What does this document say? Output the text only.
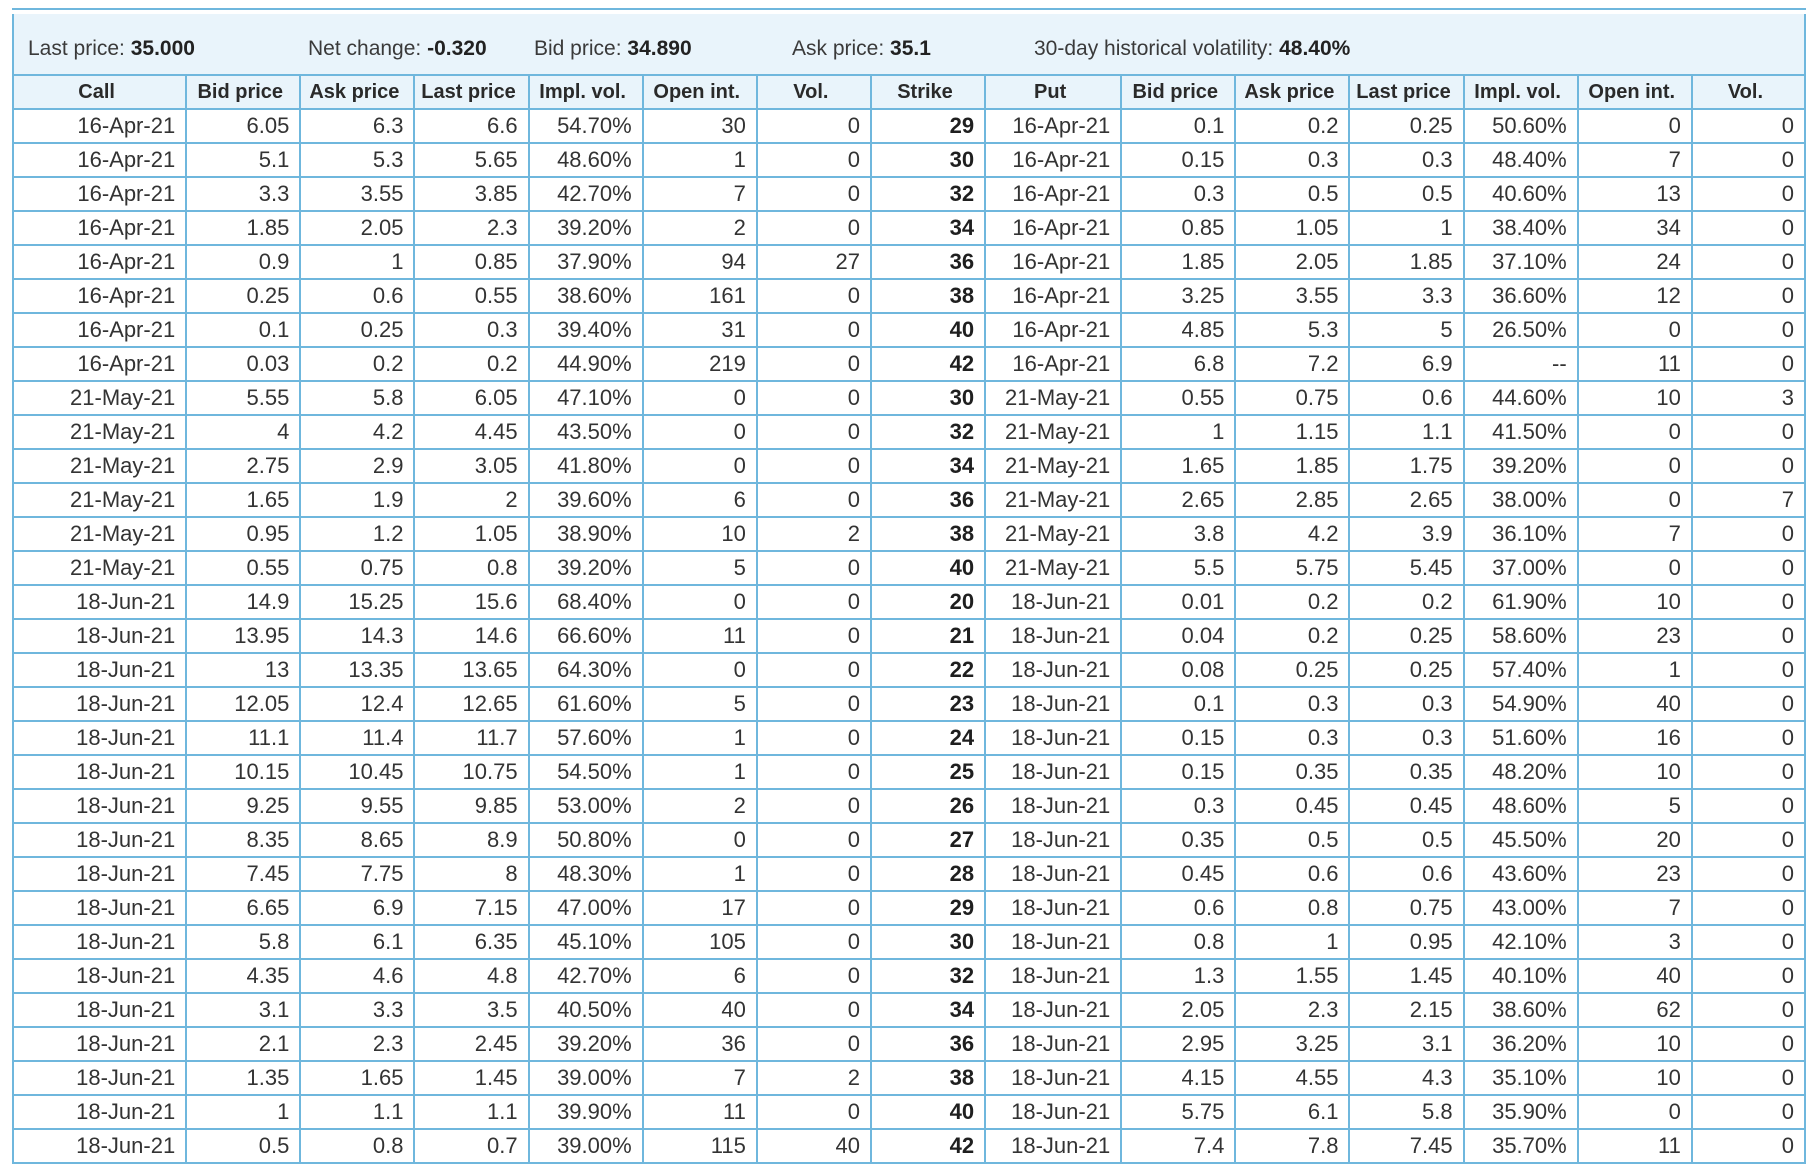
Last price: 35.000	Net change: -0.320 Bid price: 34.890	Ask price: 35.1	30-day historical volatility: 48.40%
Call	Bid price	Ask price	Last price	Impl. vol.	Open int.	Vol.	Strike	Put	Bid price	Ask price	Last price	Impl. vol.	Open int.	Vol.
16-Apr-21	6.05	6.3	6.6	54.70%	30	0	29	16-Apr-21	0.1	0.2	0.25	50.60%	0	0
16-Apr-21	5.1	5.3	5.65	48.60%	1	0	30	16-Apr-21	0.15	0.3	0.3	48.40%	7	0
16-Apr-21	3.3	3.55	3.85	42.70%	7	0	32	16-Apr-21	0.3	0.5	0.5	40.60%	13	0
16-Apr-21	1.85	2.05	2.3	39.20%	2	0	34	16-Apr-21	0.85	1.05	1	38.40%	34	0
16-Apr-21	0.9	1	0.85	37.90%	94	27	36	16-Apr-21	1.85	2.05	1.85	37.10%	24	0
16-Apr-21	0.25	0.6	0.55	38.60%	161	0	38	16-Apr-21	3.25	3.55	3.3	36.60%	12	0
16-Apr-21	0.1	0.25	0.3	39.40%	31	0	40	16-Apr-21	4.85	5.3	5	26.50%	0	0
16-Apr-21	0.03	0.2	0.2	44.90%	219	0	42	16-Apr-21	6.8	7.2	6.9	--	11	0
21-May-21	5.55	5.8	6.05	47.10%	0	0	30	21-May-21	0.55	0.75	0.6	44.60%	10	3
21-May-21	4	4.2	4.45	43.50%	0	0	32	21-May-21	1	1.15	1.1	41.50%	0	0
21-May-21	2.75	2.9	3.05	41.80%	0	0	34	21-May-21	1.65	1.85	1.75	39.20%	0	0
21-May-21	1.65	1.9	2	39.60%	6	0	36	21-May-21	2.65	2.85	2.65	38.00%	0	7
21-May-21	0.95	1.2	1.05	38.90%	10	2	38	21-May-21	3.8	4.2	3.9	36.10%	7	0
21-May-21	0.55	0.75	0.8	39.20%	5	0	40	21-May-21	5.5	5.75	5.45	37.00%	0	0
18-Jun-21	14.9	15.25	15.6	68.40%	0	0	20	18-Jun-21	0.01	0.2	0.2	61.90%	10	0
18-Jun-21	13.95	14.3	14.6	66.60%	11	0	21	18-Jun-21	0.04	0.2	0.25	58.60%	23	0
18-Jun-21	13	13.35	13.65	64.30%	0	0	22	18-Jun-21	0.08	0.25	0.25	57.40%	1	0
18-Jun-21	12.05	12.4	12.65	61.60%	5	0	23	18-Jun-21	0.1	0.3	0.3	54.90%	40	0
18-Jun-21	11.1	11.4	11.7	57.60%	1	0	24	18-Jun-21	0.15	0.3	0.3	51.60%	16	0
18-Jun-21	10.15	10.45	10.75	54.50%	1	0	25	18-Jun-21	0.15	0.35	0.35	48.20%	10	0
18-Jun-21	9.25	9.55	9.85	53.00%	2	0	26	18-Jun-21	0.3	0.45	0.45	48.60%	5	0
18-Jun-21	8.35	8.65	8.9	50.80%	0	0	27	18-Jun-21	0.35	0.5	0.5	45.50%	20	0
18-Jun-21	7.45	7.75	8	48.30%	1	0	28	18-Jun-21	0.45	0.6	0.6	43.60%	23	0
18-Jun-21	6.65	6.9	7.15	47.00%	17	0	29	18-Jun-21	0.6	0.8	0.75	43.00%	7	0
18-Jun-21	5.8	6.1	6.35	45.10%	105	0	30	18-Jun-21	0.8	1	0.95	42.10%	3	0
18-Jun-21	4.35	4.6	4.8	42.70%	6	0	32	18-Jun-21	1.3	1.55	1.45	40.10%	40	0
18-Jun-21	3.1	3.3	3.5	40.50%	40	0	34	18-Jun-21	2.05	2.3	2.15	38.60%	62	0
18-Jun-21	2.1	2.3	2.45	39.20%	36	0	36	18-Jun-21	2.95	3.25	3.1	36.20%	10	0
18-Jun-21	1.35	1.65	1.45	39.00%	7	2	38	18-Jun-21	4.15	4.55	4.3	35.10%	10	0
18-Jun-21	1	1.1	1.1	39.90%	11	0	40	18-Jun-21	5.75	6.1	5.8	35.90%	0	0
18-Jun-21	0.5	0.8	0.7	39.00%	115	40	42	18-Jun-21	7.4	7.8	7.45	35.70%	11	0
